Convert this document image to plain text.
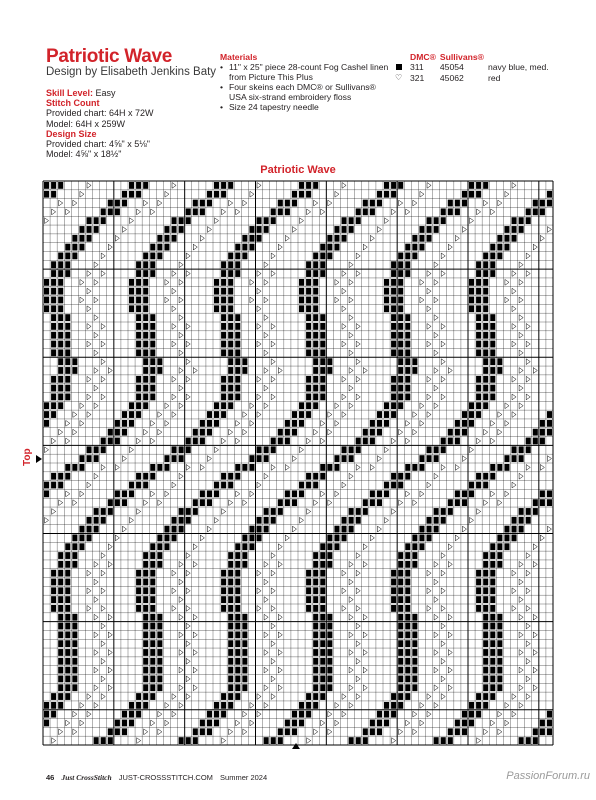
Patriotic Wave
Design by Elisabeth Jenkins Baty
Skill Level: Easy
Stitch Count
Provided chart: 64H x 72W
Model: 64H x 259W
Design Size
Provided chart: 4⅝" x 5⅛"
Model: 4⅝" x 18½"
Materials
• 11" x 25" piece 28-count Fog Cashel linen from Picture This Plus
• Four skeins each DMC® or Sullivans® USA six-strand embroidery floss
• Size 24 tapestry needle
	DMC®	Sullivans®	
	311	45054	navy blue, med.
♡	321	45062	red
Patriotic Wave
Top
46 Just CrossStitch JUST-CROSSSTITCH.COM Summer 2024	PassionForum.ru
